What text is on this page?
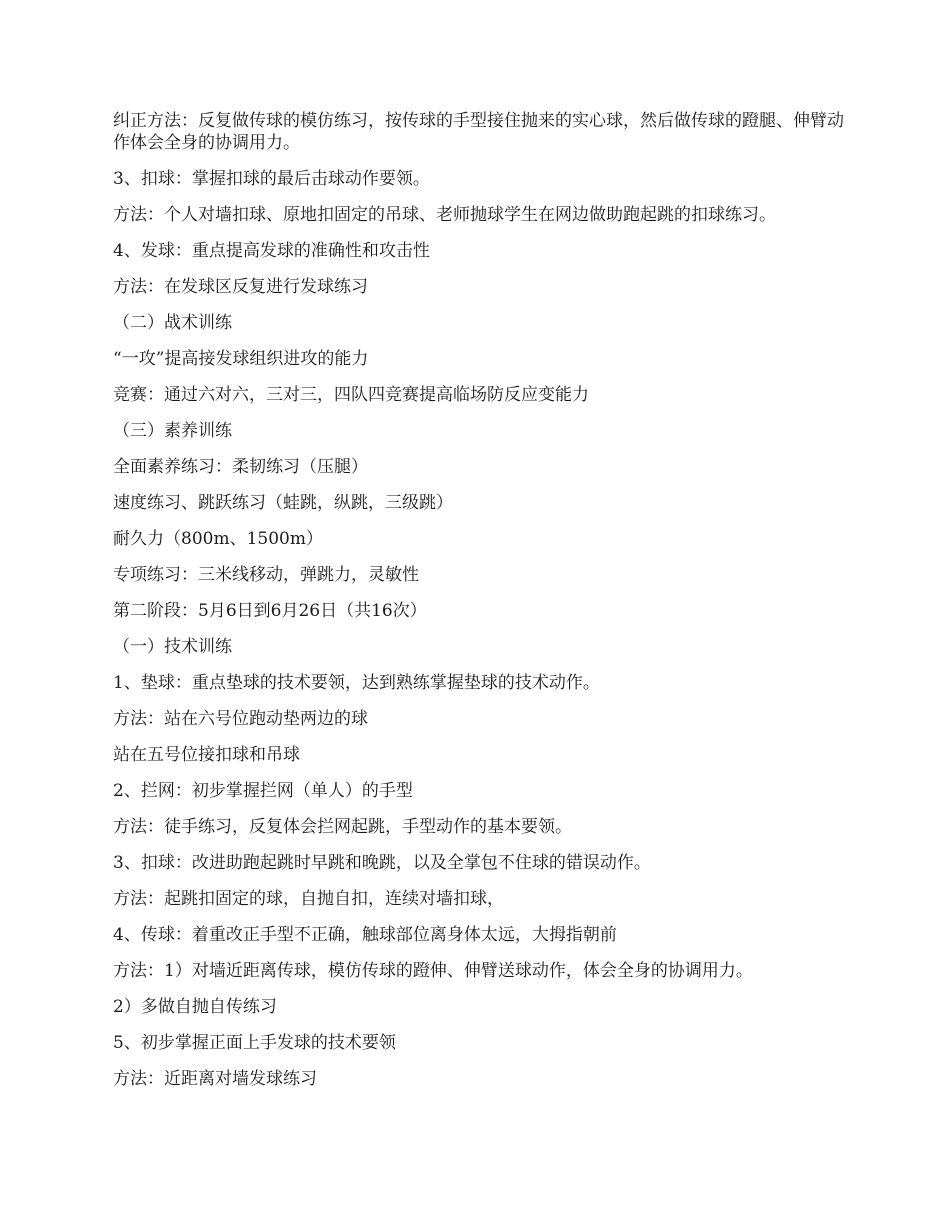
纠正方法：反复做传球的模仿练习，按传球的手型接住抛来的实心球，然后做传球的蹬腿、伸臂动作体会全身的协调用力。

3、扣球：掌握扣球的最后击球动作要领。

方法：个人对墙扣球、原地扣固定的吊球、老师抛球学生在网边做助跑起跳的扣球练习。

4、发球：重点提高发球的准确性和攻击性

方法：在发球区反复进行发球练习

（二）战术训练

“一攻”提高接发球组织进攻的能力

竞赛：通过六对六，三对三，四队四竞赛提高临场防反应变能力

（三）素养训练

全面素养练习：柔韧练习（压腿）

速度练习、跳跃练习（蛙跳，纵跳，三级跳）

耐久力（800m、1500m）

专项练习：三米线移动，弹跳力，灵敏性

第二阶段：5月6日到6月26日（共16次）

（一）技术训练

1、垫球：重点垫球的技术要领，达到熟练掌握垫球的技术动作。

方法：站在六号位跑动垫两边的球

站在五号位接扣球和吊球

2、拦网：初步掌握拦网（单人）的手型

方法：徒手练习，反复体会拦网起跳，手型动作的基本要领。

3、扣球：改进助跑起跳时早跳和晚跳，以及全掌包不住球的错误动作。

方法：起跳扣固定的球，自抛自扣，连续对墙扣球，

4、传球：着重改正手型不正确，触球部位离身体太远，大拇指朝前

方法：1）对墙近距离传球，模仿传球的蹬伸、伸臂送球动作，体会全身的协调用力。

2）多做自抛自传练习

5、初步掌握正面上手发球的技术要领

方法：近距离对墙发球练习
